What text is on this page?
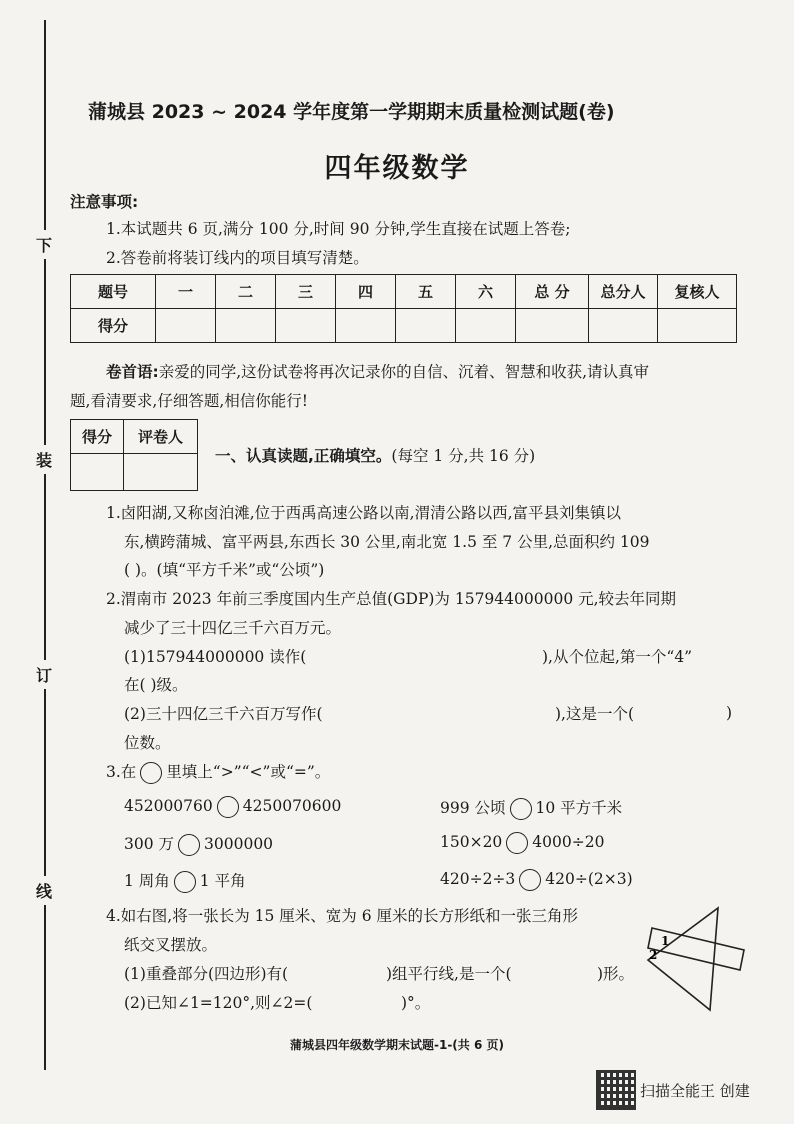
下
装
订
线
蒲城县 2023 ~ 2024 学年度第一学期期末质量检测试题(卷)
四年级数学
注意事项:
1.本试题共 6 页,满分 100 分,时间 90 分钟,学生直接在试题上答卷;
2.答卷前将装订线内的项目填写清楚。
题号	一	二	三	四	五	六	总 分	总分人	复核人
得分									
卷首语:亲爱的同学,这份试卷将再次记录你的自信、沉着、智慧和收获,请认真审
题,看清要求,仔细答题,相信你能行!
得分	评卷人

一、认真读题,正确填空。(每空 1 分,共 16 分)
1.卤阳湖,又称卤泊滩,位于西禹高速公路以南,渭清公路以西,富平县刘集镇以
东,横跨蒲城、富平两县,东西长 30 公里,南北宽 1.5 至 7 公里,总面积约 109
( )。(填“平方千米”或“公顷”)
2.渭南市 2023 年前三季度国内生产总值(GDP)为 157944000000 元,较去年同期
减少了三十四亿三千六百万元。
(1)157944000000 读作(	),从个位起,第一个“4”
在( )级。
(2)三十四亿三千六百万写作(	),这是一个(	)
位数。
3.在 里填上“>”“<”或“=”。
452000760 4250070600	999 公顷 10 平方千米
300 万 3000000	150×20 4000÷20
1 周角 1 平角	420÷2÷3 420÷(2×3)
4.如右图,将一张长为 15 厘米、宽为 6 厘米的长方形纸和一张三角形
纸交叉摆放。
(1)重叠部分(四边形)有(	)组平行线,是一个(	)形。
(2)已知∠1=120°,则∠2=(	)°。
1
2
蒲城县四年级数学期末试题-1-(共 6 页)
扫描全能王 创建
